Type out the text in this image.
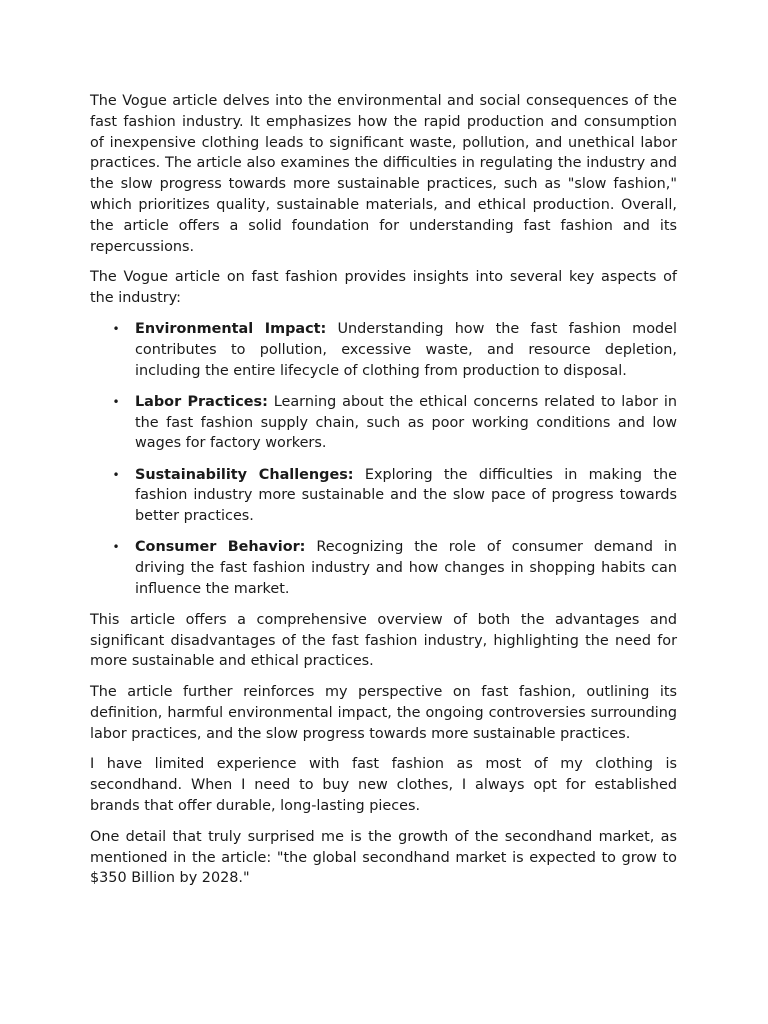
The Vogue article delves into the environmental and social consequences of the fast fashion industry. It emphasizes how the rapid production and consumption of inexpensive clothing leads to significant waste, pollution, and unethical labor practices. The article also examines the difficulties in regulating the industry and the slow progress towards more sustainable practices, such as "slow fashion," which prioritizes quality, sustainable materials, and ethical production. Overall, the article offers a solid foundation for understanding fast fashion and its repercussions.

The Vogue article on fast fashion provides insights into several key aspects of the industry:

• Environmental Impact: Understanding how the fast fashion model contributes to pollution, excessive waste, and resource depletion, including the entire lifecycle of clothing from production to disposal.
• Labor Practices: Learning about the ethical concerns related to labor in the fast fashion supply chain, such as poor working conditions and low wages for factory workers.
• Sustainability Challenges: Exploring the difficulties in making the fashion industry more sustainable and the slow pace of progress towards better practices.
• Consumer Behavior: Recognizing the role of consumer demand in driving the fast fashion industry and how changes in shopping habits can influence the market.

This article offers a comprehensive overview of both the advantages and significant disadvantages of the fast fashion industry, highlighting the need for more sustainable and ethical practices.

The article further reinforces my perspective on fast fashion, outlining its definition, harmful environmental impact, the ongoing controversies surrounding labor practices, and the slow progress towards more sustainable practices.

I have limited experience with fast fashion as most of my clothing is secondhand. When I need to buy new clothes, I always opt for established brands that offer durable, long-lasting pieces.

One detail that truly surprised me is the growth of the secondhand market, as mentioned in the article: "the global secondhand market is expected to grow to $350 Billion by 2028."
